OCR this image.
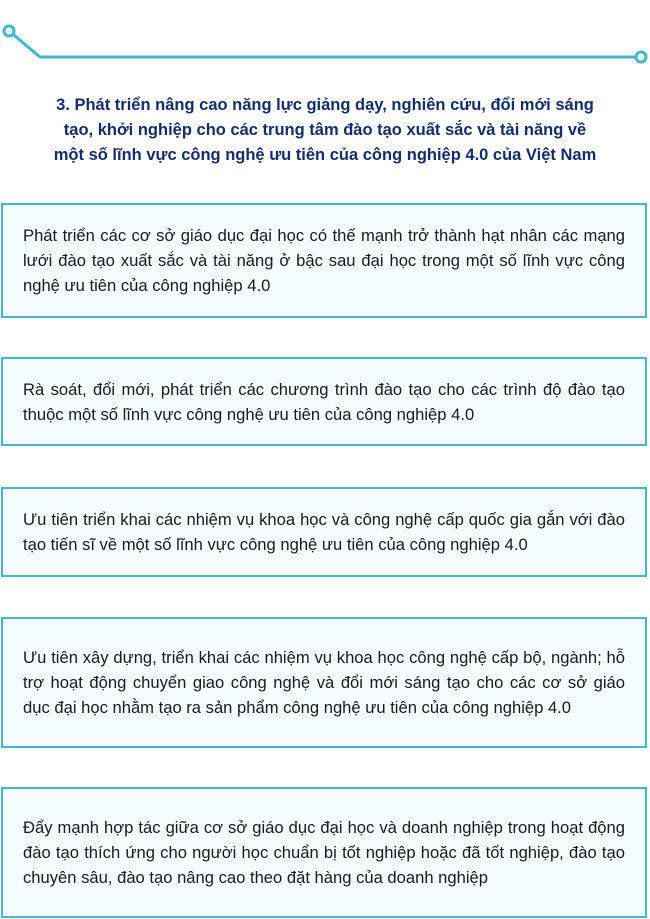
3. Phát triển nâng cao năng lực giảng dạy, nghiên cứu, đổi mới sáng
tạo, khởi nghiệp cho các trung tâm đào tạo xuất sắc và tài năng về
một số lĩnh vực công nghệ ưu tiên của công nghiệp 4.0 của Việt Nam

Phát triển các cơ sở giáo dục đại học có thế mạnh trở thành hạt nhân các mạng lưới đào tạo xuất sắc và tài năng ở bậc sau đại học trong một số lĩnh vực công nghệ ưu tiên của công nghiệp 4.0

Rà soát, đổi mới, phát triển các chương trình đào tạo cho các trình độ đào tạo thuộc một số lĩnh vực công nghệ ưu tiên của công nghiệp 4.0

Ưu tiên triển khai các nhiệm vụ khoa học và công nghệ cấp quốc gia gắn với đào tạo tiến sĩ về một số lĩnh vực công nghệ ưu tiên của công nghiệp 4.0

Ưu tiên xây dựng, triển khai các nhiệm vụ khoa học công nghệ cấp bộ, ngành; hỗ trợ hoạt động chuyển giao công nghệ và đổi mới sáng tạo cho các cơ sở giáo dục đại học nhằm tạo ra sản phẩm công nghệ ưu tiên của công nghiệp 4.0

Đẩy mạnh hợp tác giữa cơ sở giáo dục đại học và doanh nghiệp trong hoạt động đào tạo thích ứng cho người học chuẩn bị tốt nghiệp hoặc đã tốt nghiệp, đào tạo chuyên sâu, đào tạo nâng cao theo đặt hàng của doanh nghiệp
